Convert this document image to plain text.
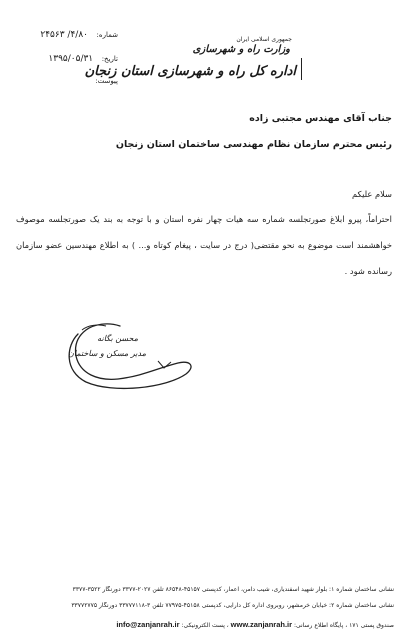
جمهوری اسلامی ایران
وزارت راه و شهرسازی
اداره کل راه و شهرسازی استان زنجان
شماره: ۴/۸۰/ ۲۴۵۶۳
تاریخ: ۱۳۹۵/۰۵/۳۱
پیوست:
جناب آقای مهندس مجتبی زاده
رئیس محترم سازمان نظام مهندسی ساختمان استان زنجان
سلام علیکم
احتراماً، پیرو ابلاغ صورتجلسه شماره سه هیات چهار نفره استان و با توجه به بند یک صورتجلسه موصوف خواهشمند است موضوع به نحو مقتضی( درج در سایت ، پیغام کوتاه و... ) به اطلاع مهندسین عضو سازمان رسانده شود .
محسن بگانه
مدیر مسکن و ساختمان
نشانی ساختمان شماره ۱: بلوار شهید اسفندیاری، شیب دامن، اعمار، کدپستی ۴۵۱۵۷-۸۶۵۴۸ تلفن ۲۰۲۷-۳۳۷۷ دورنگار ۳۵۲۲-۳۳۷۷
نشانی ساختمان شماره ۲: خیابان خرمشهر، روبروی اداره کل دارایی، کدپستی ۴۵۱۵۸-۷۷۹۷۵ تلفن ۳-۳۳۷۷۷۱۱۸ دورنگار ۳۳۷۷۲۷۷۵
صندوق پستی ۱۷۱ ، پایگاه اطلاع رسانی: www.zanjanrah.ir ، پست الکترونیکی: info@zanjanrah.ir
